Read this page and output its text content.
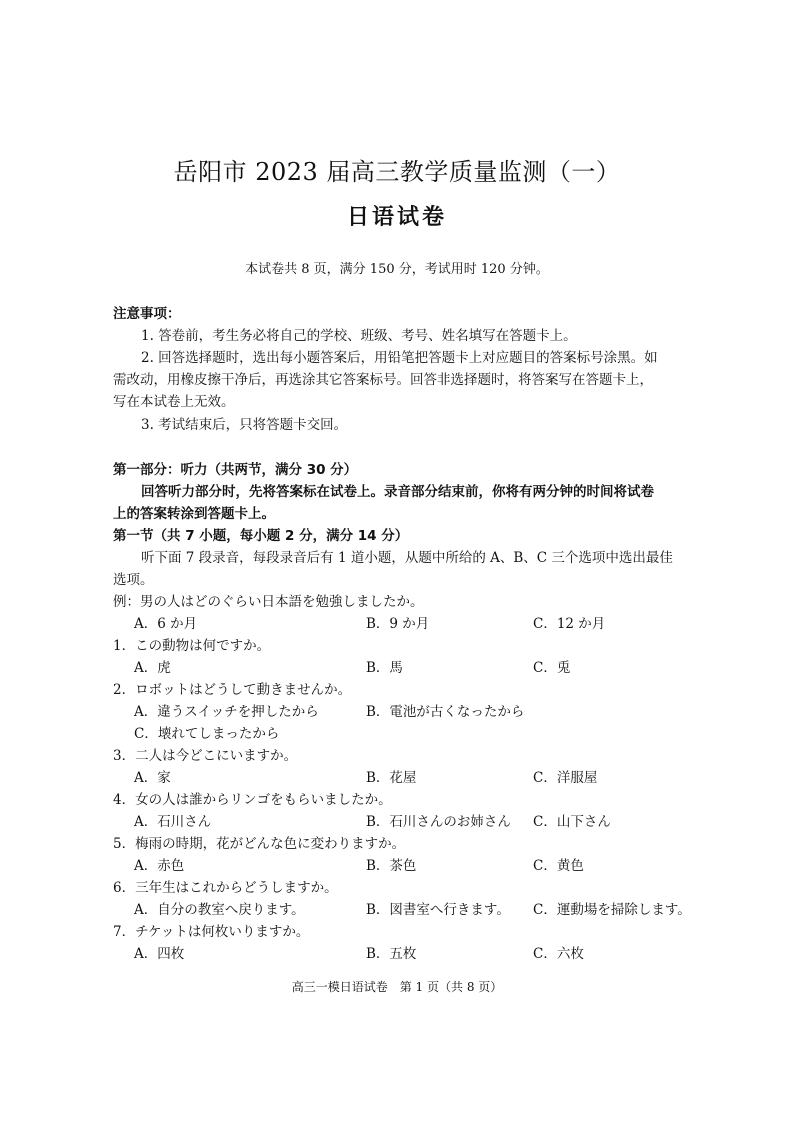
岳阳市 2023 届高三教学质量监测（一）
日语试卷
本试卷共 8 页，满分 150 分，考试用时 120 分钟。
注意事项：
1. 答卷前，考生务必将自己的学校、班级、考号、姓名填写在答题卡上。
2. 回答选择题时，选出每小题答案后，用铅笔把答题卡上对应题目的答案标号涂黑。如
需改动，用橡皮擦干净后，再选涂其它答案标号。回答非选择题时，将答案写在答题卡上，
写在本试卷上无效。
3. 考试结束后，只将答题卡交回。
第一部分：听力（共两节，满分 30 分）
回答听力部分时，先将答案标在试卷上。录音部分结束前，你将有两分钟的时间将试卷
上的答案转涂到答题卡上。
第一节（共 7 小题，每小题 2 分，满分 14 分）
听下面 7 段录音，每段录音后有 1 道小题，从题中所给的 A、B、C 三个选项中选出最佳
选项。
例：男の人はどのぐらい日本語を勉強しましたか。
A．6 か月	B．9 か月	C．12 か月
1．この動物は何ですか。
A．虎	B．馬	C．兎
2．ロボットはどうして動きませんか。
A．違うスイッチを押したから	B．電池が古くなったから
C．壊れてしまったから
3．二人は今どこにいますか。
A．家	B．花屋	C．洋服屋
4．女の人は誰からリンゴをもらいましたか。
A．石川さん	B．石川さんのお姉さん C．山下さん
5．梅雨の時期，花がどんな色に変わりますか。
A．赤色	B．茶色	C．黄色
6．三年生はこれからどうしますか。
A．自分の教室へ戻ります。	B．図書室へ行きます。 C．運動場を掃除します。
7．チケットは何枚いりますか。
A．四枚	B．五枚	C．六枚
高三一模日语试卷　第 1 页（共 8 页）
